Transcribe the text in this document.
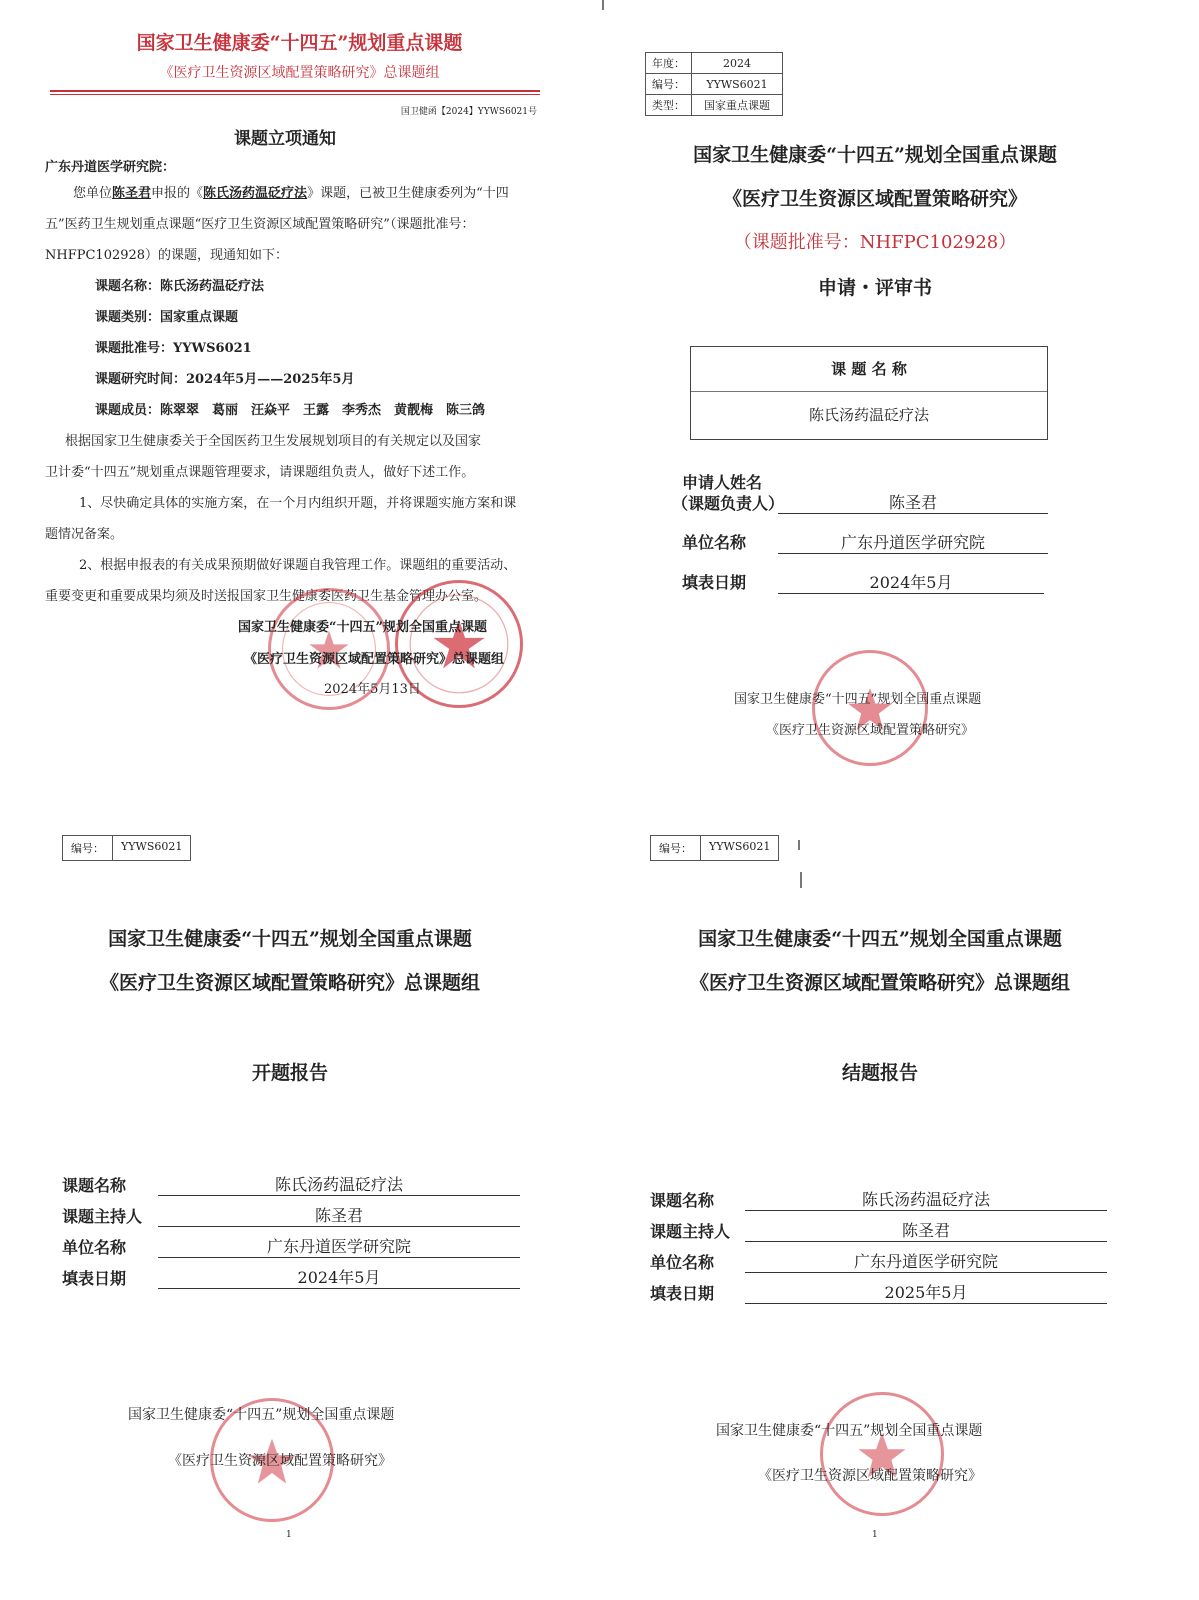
国家卫生健康委“十四五”规划重点课题
《医疗卫生资源区域配置策略研究》总课题组
国卫健函【2024】YYWS6021号
课题立项通知
广东丹道医学研究院：
您单位陈圣君申报的《陈氏汤药温砭疗法》课题，已被卫生健康委列为“十四
五”医药卫生规划重点课题“医疗卫生资源区域配置策略研究”（课题批准号：
NHFPC102928）的课题，现通知如下：
课题名称：陈氏汤药温砭疗法
课题类别：国家重点课题
课题批准号：YYWS6021
课题研究时间：2024年5月——2025年5月
课题成员：陈翠翠　葛丽　汪焱平　王露　李秀杰　黄靓梅　陈三鸽
根据国家卫生健康委关于全国医药卫生发展规划项目的有关规定以及国家
卫计委“十四五”规划重点课题管理要求，请课题组负责人，做好下述工作。
1、尽快确定具体的实施方案，在一个月内组织开题，并将课题实施方案和课
题情况备案。
2、根据申报表的有关成果预期做好课题自我管理工作。课题组的重要活动、
重要变更和重要成果均须及时送报国家卫生健康委医药卫生基金管理办公室。
国家卫生健康委“十四五”规划全国重点课题
《医疗卫生资源区域配置策略研究》总课题组
2024年5月13日
年度：	2024
编号：	YYWS6021
类型：	国家重点课题
国家卫生健康委“十四五”规划全国重点课题
《医疗卫生资源区域配置策略研究》
（课题批准号：NHFPC102928）
申请・评审书
课 题 名 称
陈氏汤药温砭疗法
申请人姓名
（课题负责人）	陈圣君
单位名称	广东丹道医学研究院
填表日期	2024年5月
国家卫生健康委“十四五”规划全国重点课题
《医疗卫生资源区域配置策略研究》
编号：	YYWS6021
国家卫生健康委“十四五”规划全国重点课题
《医疗卫生资源区域配置策略研究》总课题组
开题报告
课题名称	陈氏汤药温砭疗法
课题主持人	陈圣君
单位名称	广东丹道医学研究院
填表日期	2024年5月
国家卫生健康委“十四五”规划全国重点课题
《医疗卫生资源区域配置策略研究》
1
编号：	YYWS6021
国家卫生健康委“十四五”规划全国重点课题
《医疗卫生资源区域配置策略研究》总课题组
结题报告
课题名称	陈氏汤药温砭疗法
课题主持人	陈圣君
单位名称	广东丹道医学研究院
填表日期	2025年5月
国家卫生健康委“十四五”规划全国重点课题
《医疗卫生资源区域配置策略研究》
1
